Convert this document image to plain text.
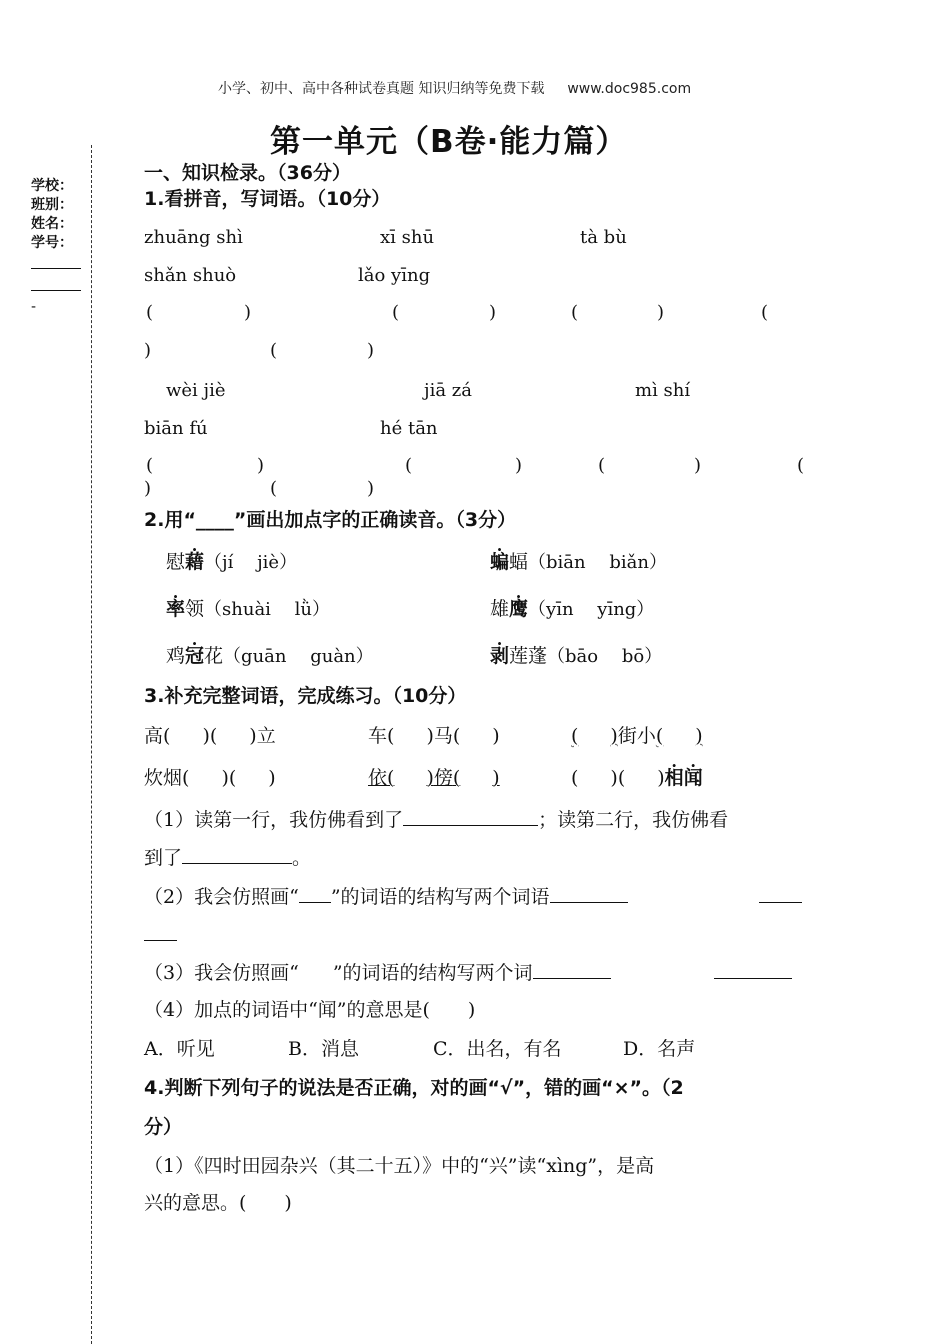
小学、初中、高中各种试卷真题 知识归纳等免费下载 www.doc985.com
第一单元（B卷·能力篇）
学校：
班别：
姓名：
学号：
-
一、知识检录。（36分）
1.看拼音，写词语。（10分）
zhuāng shì	xī shū	tà bù
shǎn shuò	lǎo yīng
(	)	(	)	(	)	(
)	(	)
wèi jiè	jiā zá	mì shí
biān fú	hé tān
(	)	(	)	(	)	(
)	(	)
2.用“____”画出加点字的正确读音。（3分）
慰藉（jí　 jiè）	蝙蝠（biān　 biǎn）
率领（shuài　 lǜ）	雄鹰（yīn　 yīng）
鸡冠花（guān　 guàn）	剥莲蓬（bāo　 bō）
3.补充完整词语，完成练习。（10分）
高( )( )立	车( )马( )	( )街小( )
炊烟( )( )	依( )傍( )	( )( )相闻
（1）读第一行，我仿佛看到了	；读第二行，我仿佛看
到了	。
（2）我会仿照画“ ”的词语的结构写两个词语
（3）我会仿照画“ ”的词语的结构写两个词
（4）加点的词语中“闻”的意思是(　　)
A．听见	B．消息	C．出名，有名	D．名声
4.判断下列句子的说法是否正确，对的画“√”，错的画“×”。（2
分）
（1）《四时田园杂兴（其二十五）》中的“兴”读“xìng”，是高
兴的意思。(　　)
